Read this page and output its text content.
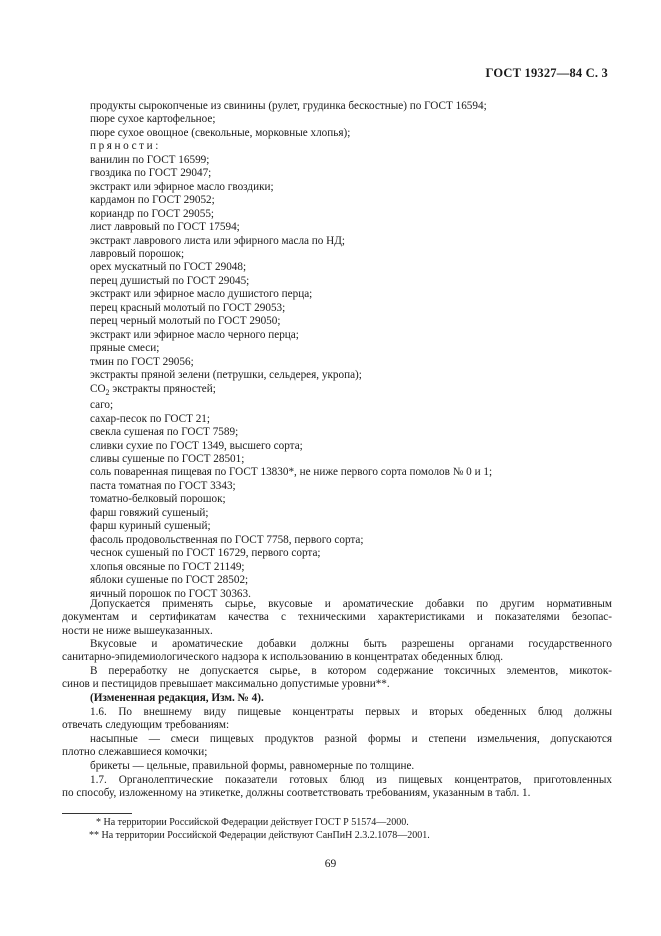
ГОСТ 19327—84 С. 3
продукты сырокопченые из свинины (рулет, грудинка бескостные) по ГОСТ 16594;
пюре сухое картофельное;
пюре сухое овощное (свекольные, морковные хлопья);
пряности:
ванилин по ГОСТ 16599;
гвоздика по ГОСТ 29047;
экстракт или эфирное масло гвоздики;
кардамон по ГОСТ 29052;
кориандр по ГОСТ 29055;
лист лавровый по ГОСТ 17594;
экстракт лаврового листа или эфирного масла по НД;
лавровый порошок;
орех мускатный по ГОСТ 29048;
перец душистый по ГОСТ 29045;
экстракт или эфирное масло душистого перца;
перец красный молотый по ГОСТ 29053;
перец черный молотый по ГОСТ 29050;
экстракт или эфирное масло черного перца;
пряные смеси;
тмин по ГОСТ 29056;
экстракты пряной зелени (петрушки, сельдерея, укропа);
$CO_2$ экстракты пряностей;
саго;
сахар-песок по ГОСТ 21;
свекла сушеная по ГОСТ 7589;
сливки сухие по ГОСТ 1349, высшего сорта;
сливы сушеные по ГОСТ 28501;
соль поваренная пищевая по ГОСТ 13830*, не ниже первого сорта помолов № 0 и 1;
паста томатная по ГОСТ 3343;
томатно-белковый порошок;
фарш говяжий сушеный;
фарш куриный сушеный;
фасоль продовольственная по ГОСТ 7758, первого сорта;
чеснок сушеный по ГОСТ 16729, первого сорта;
хлопья овсяные по ГОСТ 21149;
яблоки сушеные по ГОСТ 28502;
яичный порошок по ГОСТ 30363.
Допускается применять сырье, вкусовые и ароматические добавки по другим нормативным
документам и сертификатам качества с техническими характеристиками и показателями безопас-
ности не ниже вышеуказанных.
Вкусовые и ароматические добавки должны быть разрешены органами государственного
санитарно-эпидемиологического надзора к использованию в концентратах обеденных блюд.
В переработку не допускается сырье, в котором содержание токсичных элементов, микоток-
синов и пестицидов превышает максимально допустимые уровни**.
(Измененная редакция, Изм. № 4).
1.6. По внешнему виду пищевые концентраты первых и вторых обеденных блюд должны
отвечать следующим требованиям:
насыпные — смеси пищевых продуктов разной формы и степени измельчения, допускаются
плотно слежавшиеся комочки;
брикеты — цельные, правильной формы, равномерные по толщине.
1.7. Органолептические показатели готовых блюд из пищевых концентратов, приготовленных
по способу, изложенному на этикетке, должны соответствовать требованиям, указанным в табл. 1.
* На территории Российской Федерации действует ГОСТ Р 51574—2000.
** На территории Российской Федерации действуют СанПиН 2.3.2.1078—2001.
69
